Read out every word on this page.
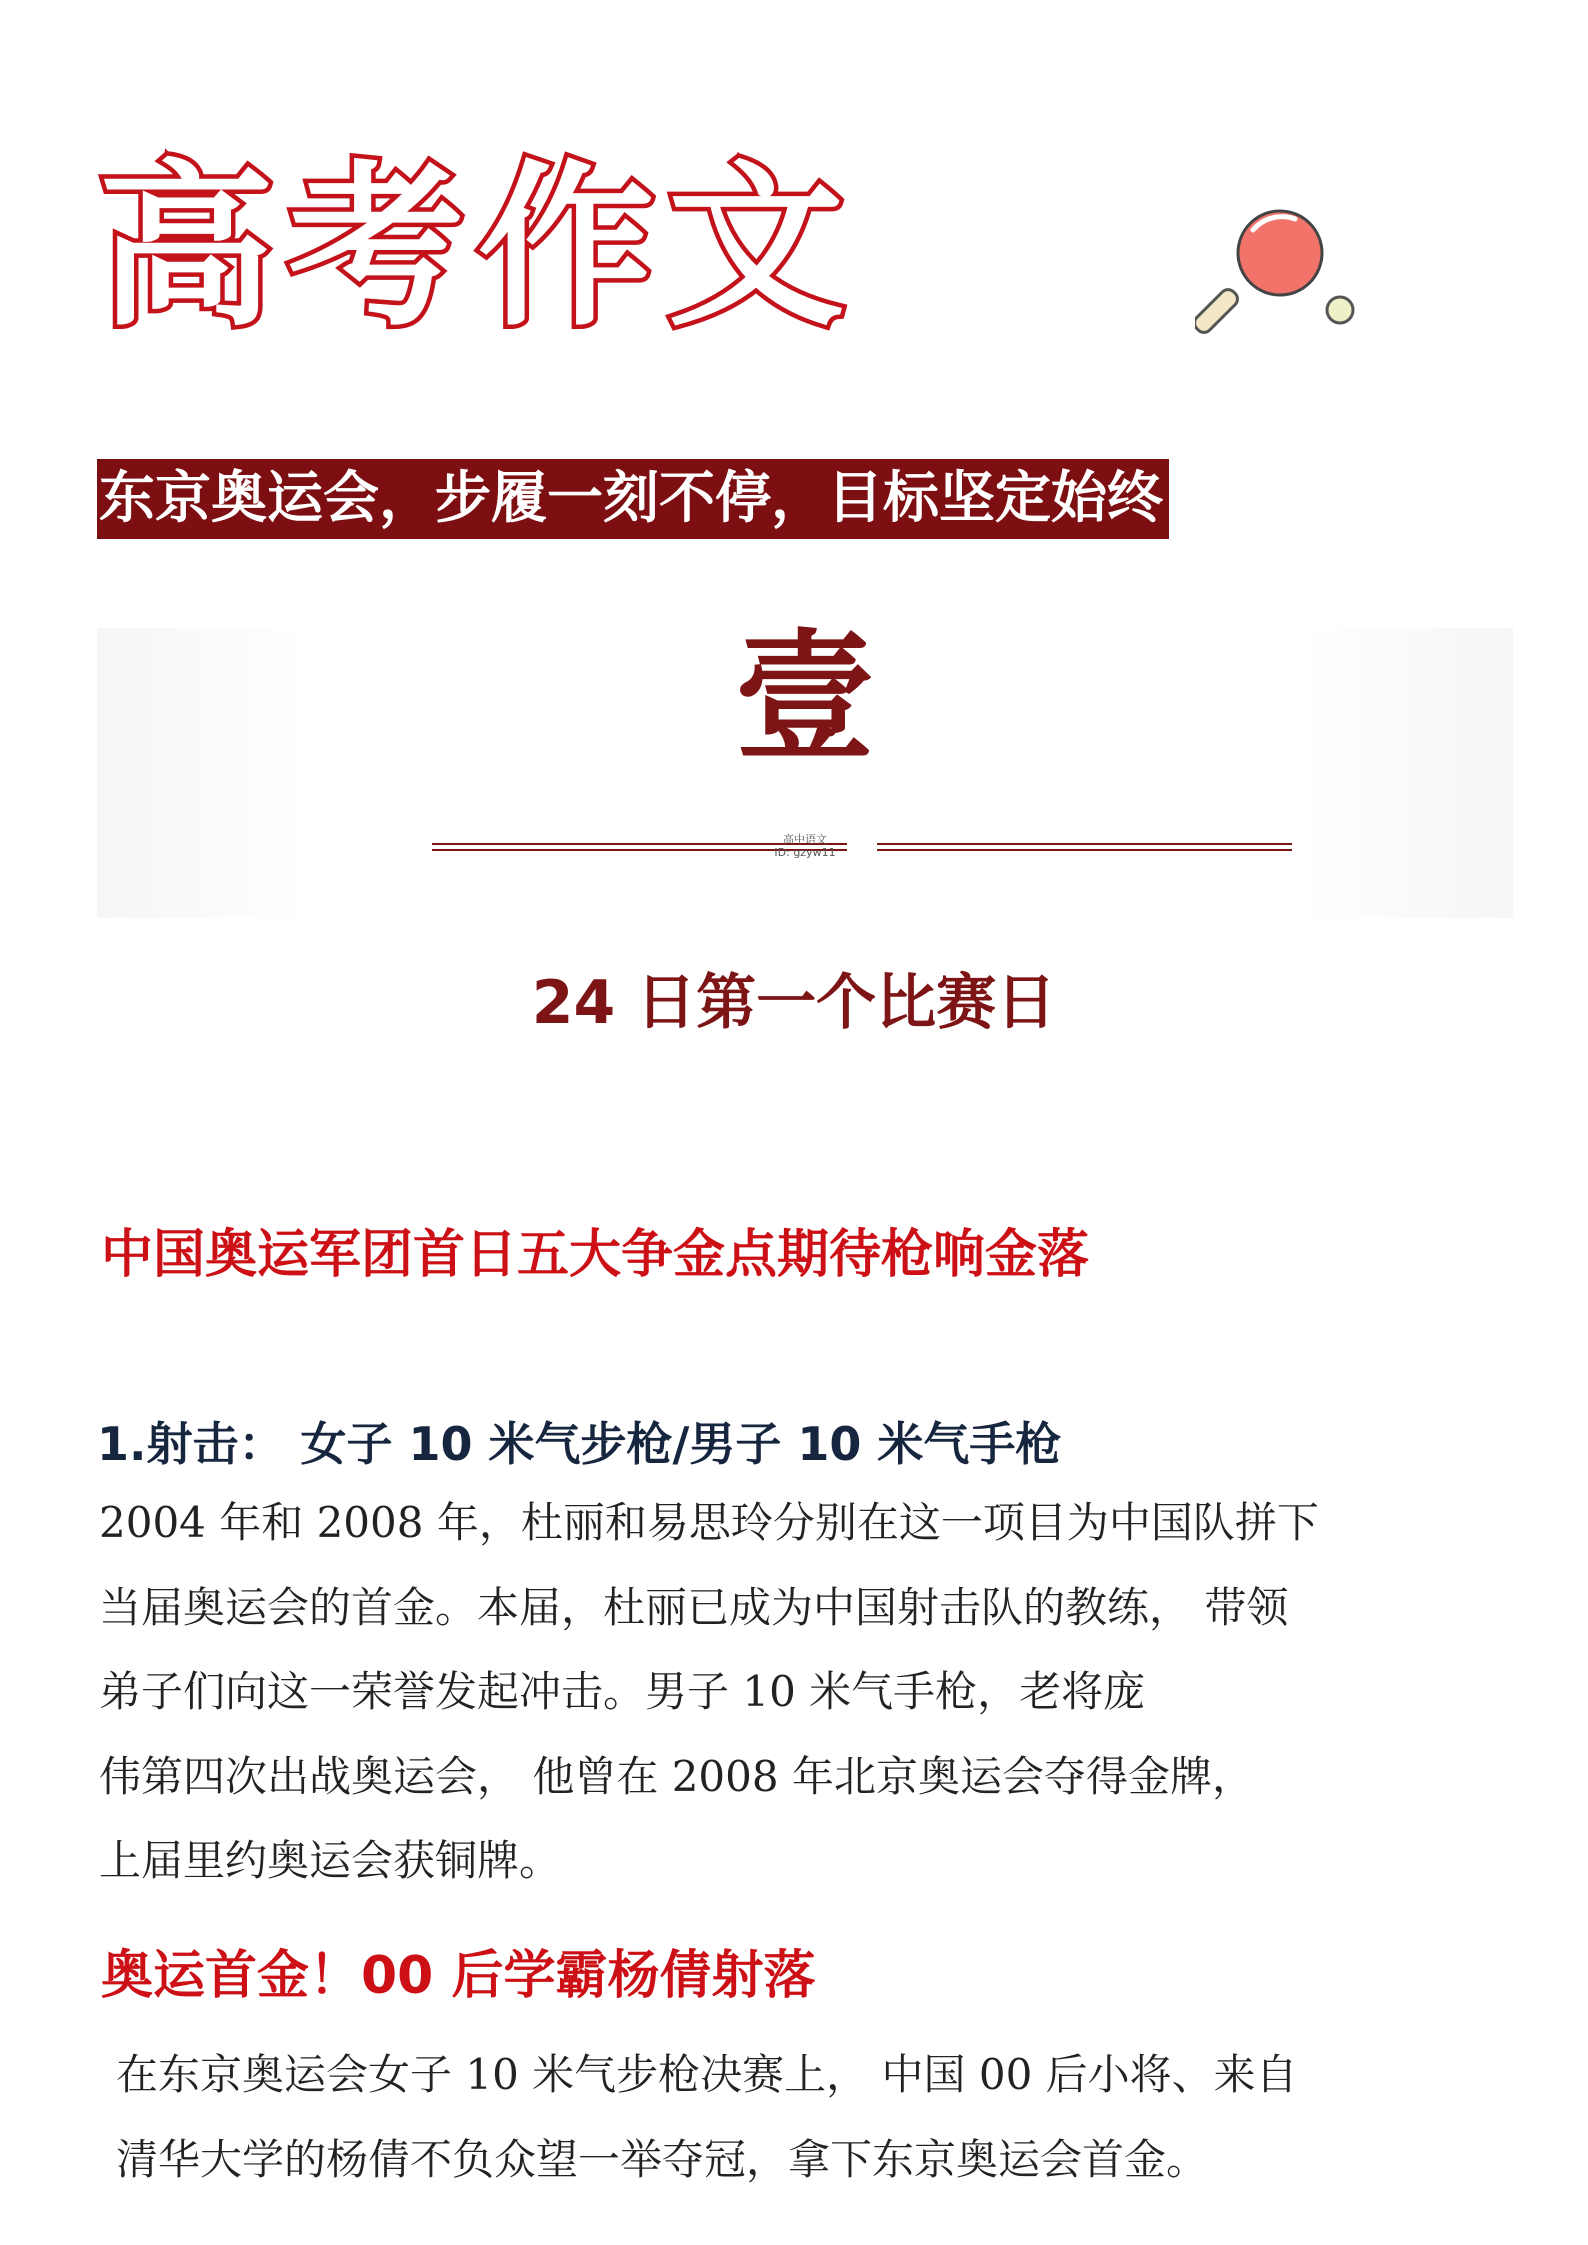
高考作文
东京奥运会，步履一刻不停，目标坚定始终
壹
高中语文
ID: gzyw11
24 日第一个比赛日
中国奥运军团首日五大争金点期待枪响金落
1.射击： 女子 10 米气步枪/男子 10 米气手枪
2004 年和 2008 年，杜丽和易思玲分别在这一项目为中国队拼下
当届奥运会的首金。本届，杜丽已成为中国射击队的教练， 带领
弟子们向这一荣誉发起冲击。男子 10 米气手枪，老将庞
伟第四次出战奥运会， 他曾在 2008 年北京奥运会夺得金牌，
上届里约奥运会获铜牌。
奥运首金！00 后学霸杨倩射落
在东京奥运会女子 10 米气步枪决赛上， 中国 00 后小将、来自
清华大学的杨倩不负众望一举夺冠，拿下东京奥运会首金。
